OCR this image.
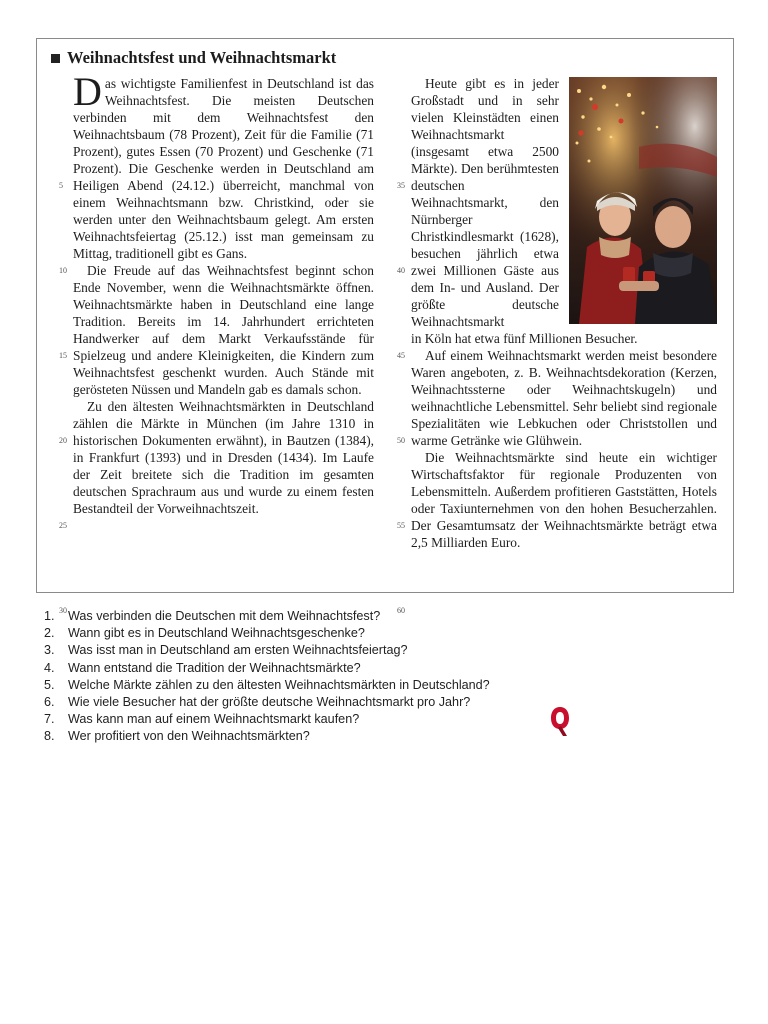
Weihnachtsfest und Weihnachtsmarkt
5
10
15
20
25
30

Das wichtigste Familienfest in Deutschland ist das Weihnachtsfest. Die meisten Deutschen verbinden mit dem Weihnachtsfest den Weihnachtsbaum (78 Prozent), Zeit für die Familie (71 Prozent), gutes Essen (70 Prozent) und Geschenke (71 Prozent). Die Geschenke werden in Deutschland am Heiligen Abend (24.12.) überreicht, manchmal von einem Weihnachtsmann bzw. Christkind, oder sie werden unter den Weihnachtsbaum gelegt. Am ersten Weihnachtsfeiertag (25.12.) isst man gemeinsam zu Mittag, traditionell gibt es Gans.

Die Freude auf das Weihnachtsfest beginnt schon Ende November, wenn die Weihnachtsmärkte öffnen. Weihnachtsmärkte haben in Deutschland eine lange Tradition. Bereits im 14. Jahrhundert errichteten Handwerker auf dem Markt Verkaufsstände für Spielzeug und andere Kleinigkeiten, die Kindern zum Weihnachtsfest geschenkt wurden. Auch Stände mit gerösteten Nüssen und Mandeln gab es damals schon.

Zu den ältesten Weihnachtsmärkten in Deutschland zählen die Märkte in München (im Jahre 1310 in historischen Dokumenten erwähnt), in Bautzen (1384), in Frankfurt (1393) und in Dresden (1434). Im Laufe der Zeit breitete sich die Tradition im gesamten deutschen Sprachraum aus und wurde zu einem festen Bestandteil der Vorweihnachtszeit.

35
40
45
50
55
60

Heute gibt es in jeder Großstadt und in sehr vielen Kleinstädten einen Weihnachtsmarkt (insgesamt etwa 2500 Märkte). Den berühmtesten deutschen Weihnachtsmarkt, den Nürnberger Christkindlesmarkt (1628), besuchen jährlich etwa zwei Millionen Gäste aus dem In- und Ausland. Der größte deutsche Weihnachtsmarkt

in Köln hat etwa fünf Millionen Besucher.

Auf einem Weihnachtsmarkt werden meist besondere Waren angeboten, z. B. Weihnachtsdekoration (Kerzen, Weihnachtssterne oder Weihnachtskugeln) und weihnachtliche Lebensmittel. Sehr beliebt sind regionale Spezialitäten wie Lebkuchen oder Christstollen und warme Getränke wie Glühwein.

Die Weihnachtsmärkte sind heute ein wichtiger Wirtschaftsfaktor für regionale Produzenten von Lebensmitteln. Außerdem profitieren Gaststätten, Hotels oder Taxiunternehmen von den hohen Besucherzahlen. Der Gesamtumsatz der Weihnachtsmärkte beträgt etwa 2,5 Milliarden Euro.

1.	Was verbinden die Deutschen mit dem Weihnachtsfest?
2.	Wann gibt es in Deutschland Weihnachtsgeschenke?
3.	Was isst man in Deutschland am ersten Weihnachtsfeiertag?
4.	Wann entstand die Tradition der Weihnachtsmärkte?
5.	Welche Märkte zählen zu den ältesten Weihnachtsmärkten in Deutschland?
6.	Wie viele Besucher hat der größte deutsche Weihnachtsmarkt pro Jahr?
7.	Was kann man auf einem Weihnachtsmarkt kaufen?
8.	Wer profitiert von den Weihnachtsmärkten?
